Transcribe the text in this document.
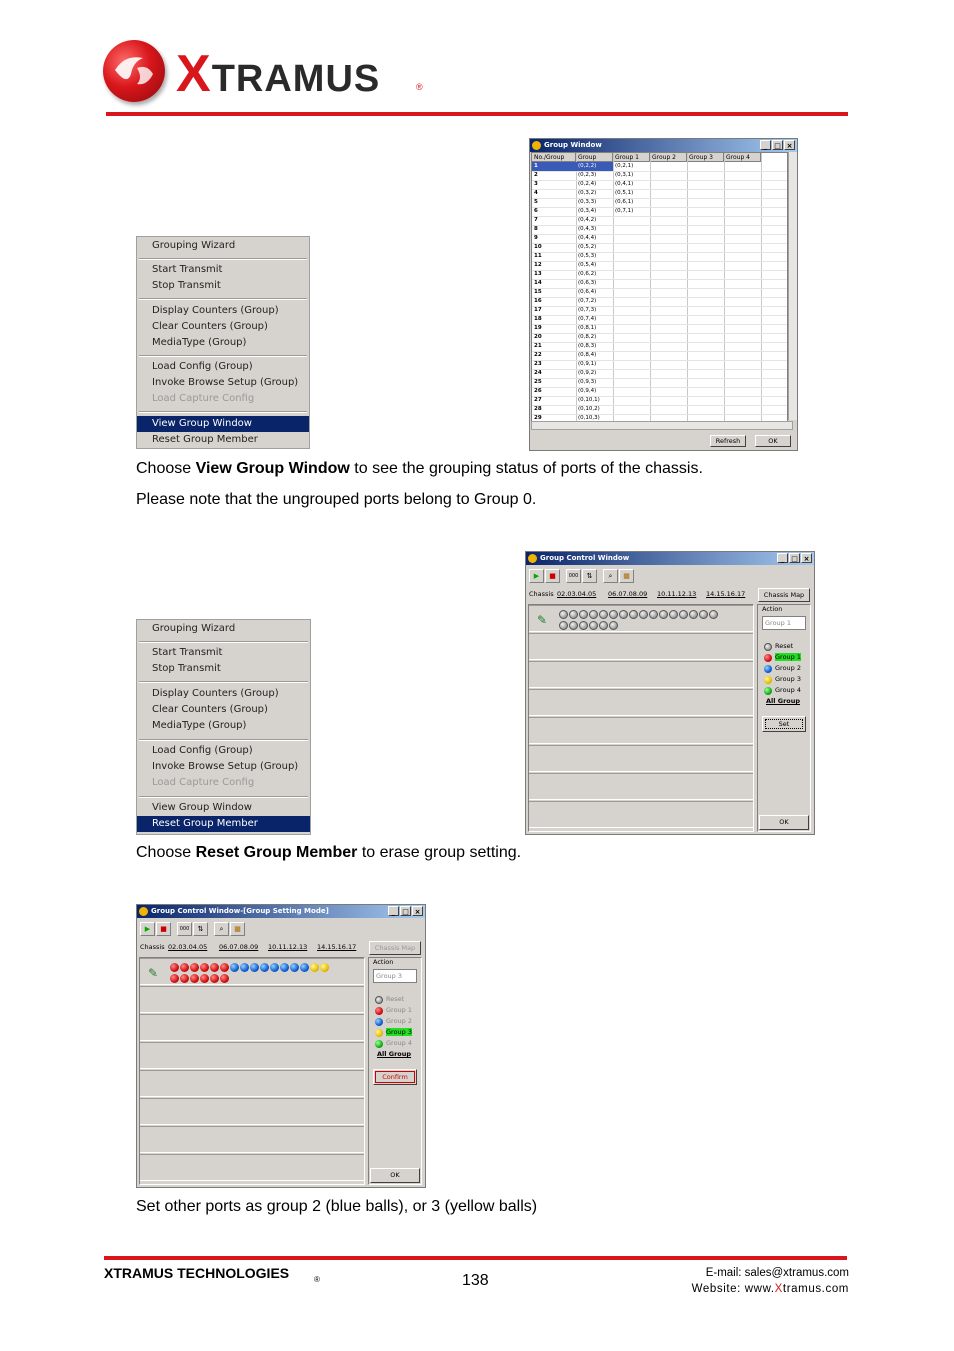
XTRAMUS	®
Grouping Wizard
Start Transmit
Stop Transmit
Display Counters (Group)
Clear Counters (Group)
MediaType (Group)
Load Config (Group)
Invoke Browse Setup (Group)
Load Capture Config
View Group Window
Reset Group Member
Group Window	_ □ ×
No./Group	Group	Group 1	Group 2	Group 3	Group 4
1	(0,2,2)	(0,2,1)
2	(0,2,3)	(0,3,1)
3	(0,2,4)	(0,4,1)
4	(0,3,2)	(0,5,1)
5	(0,3,3)	(0,6,1)
6	(0,3,4)	(0,7,1)
7	(0,4,2)
8	(0,4,3)
9	(0,4,4)
10	(0,5,2)
11	(0,5,3)
12	(0,5,4)
13	(0,6,2)
14	(0,6,3)
15	(0,6,4)
16	(0,7,2)
17	(0,7,3)
18	(0,7,4)
19	(0,8,1)
20	(0,8,2)
21	(0,8,3)
22	(0,8,4)
23	(0,9,1)
24	(0,9,2)
25	(0,9,3)
26	(0,9,4)
27	(0,10,1)
28	(0,10,2)
29	(0,10,3)
Refresh	OK
Choose View Group Window to see the grouping status of ports of the chassis.
Please note that the ungrouped ports belong to Group 0.
Grouping Wizard
Start Transmit
Stop Transmit
Display Counters (Group)
Clear Counters (Group)
MediaType (Group)
Load Config (Group)
Invoke Browse Setup (Group)
Load Capture Config
View Group Window
Reset Group Member
Group Control Window	_ □ ×
▶	■	000	⇅	⌕	▦
Chassis 02.03.04.05 06.07.08.09 10.11.12.13 14.15.16.17	Chassis Map
✎
Action
Group 1
Reset
Group 1
Group 2
Group 3
Group 4
All Group
Set
OK
Choose Reset Group Member to erase group setting.
Group Control Window-[Group Setting Mode]	_ □ ×
▶	■	000	⇅	⌕	▦
Chassis 02.03.04.05 06.07.08.09 10.11.12.13 14.15.16.17	Chassis Map
✎
Action
Group 3
Reset
Group 1
Group 2
Group 3
Group 4
All Group
Confirm
OK
Set other ports as group 2 (blue balls), or 3 (yellow balls)
XTRAMUS TECHNOLOGIES	®	138	E-mail: sales@xtramus.com
Website: www.Xtramus.com
